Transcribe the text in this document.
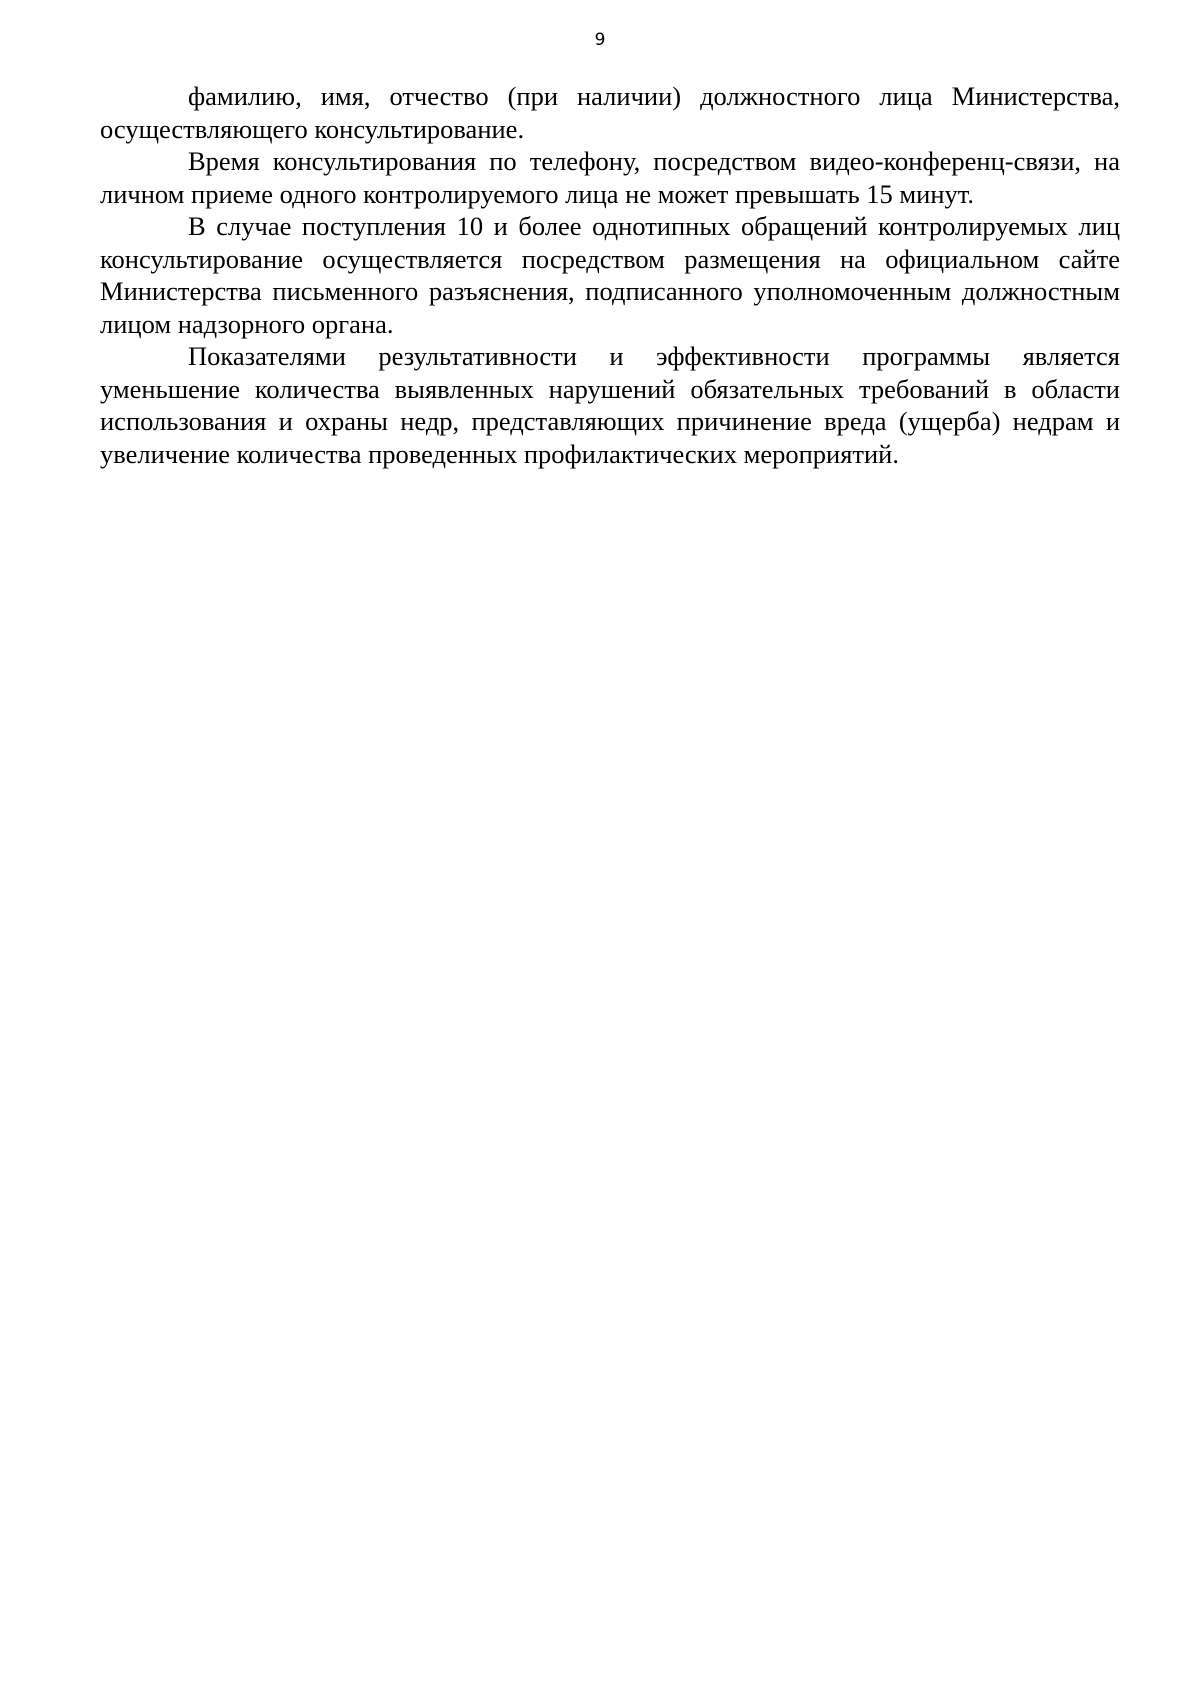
9

фамилию, имя, отчество (при наличии) должностного лица Министерства, осуществляющего консультирование.

Время консультирования по телефону, посредством видео-конференц-связи, на личном приеме одного контролируемого лица не может превышать 15 минут.

В случае поступления 10 и более однотипных обращений контролируемых лиц консультирование осуществляется посредством размещения на официальном сайте Министерства письменного разъяснения, подписанного уполномоченным должностным лицом надзорного органа.

Показателями результативности и эффективности программы является уменьшение количества выявленных нарушений обязательных требований в области использования и охраны недр, представляющих причинение вреда (ущерба) недрам и увеличение количества проведенных профилактических мероприятий.
